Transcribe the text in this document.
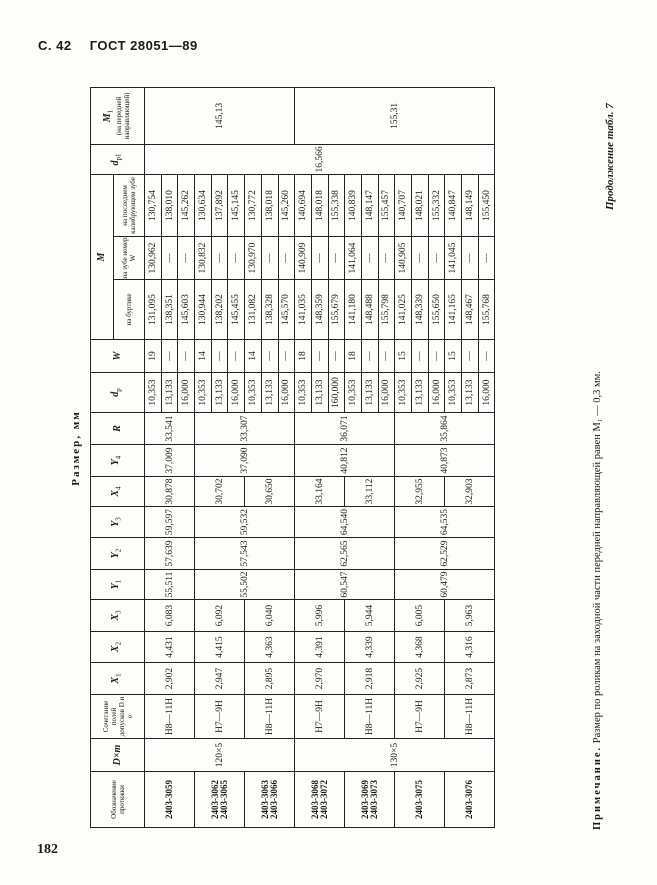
С. 42 ГОСТ 28051—89
182
Размер, мм
Обозначение протяжки	D×m	Сочетание полей допусков D и e	$X_1$	$X_2$	$X_3$	$Y_1$	$Y_2$	$Y_3$	$X_4$	$Y_4$	R	$d_p$	W	M			$d_{p1}$	$M_1$
(на передней направляющей)
														на буртике	на зубе номер W	на последнем калибрующем зубе		
2403-3059	120×5	H8—11H	2,902	4,431	6,083	55,511	57,639	59,597	30,878	37,009	33,541	10,353	19	131,095	130,962	130,754	16,566	145,13
												13,133	—	138,351	—	138,010		
												16,000	—	145,603	—	145,262		
2403-3062
2403-3065		H7—9H	2,947	4,415	6,092	55,502	57,543	59,532	30,702	37,090	33,307	10,353	14	130,944	130,832	130,634		
												13,133	—	138,202	—	137,892		
												16,000	—	145,455	—	145,145		
2403-3063
2403-3066		H8—11H	2,895	4,363	6,040				30,650			10,353	14	131,082	130,970	130,772		
												13,133	—	138,328	—	138,018		
												16,000	—	145,570	—	145,260		
2403-3068
2403-3072	130×5	H7—9H	2,970	4,391	5,996	60,547	62,565	64,540	33,164	40,812	36,071	10,353	18	141,035	140,909	140,694		155,31
												13,133	—	148,359	—	148,018		
												160,000	—	155,679	—	155,338		
2403-3069
2403-3073		H8—11H	2,918	4,339	5,944				33,112			10,353	18	141,180	141,064	140,839		
												13,133	—	148,488	—	148,147		
												16,000	—	155,798	—	155,457		
2403-3075		H7—9H	2,925	4,368	6,005	60,479	62,529	64,535	32,955	40,873	35,864	10,353	15	141,025	140,905	140,707		
												13,133	—	148,339	—	148,021		
												16,000	—	155,650	—	155,332		
2403-3076		H8—11H	2,873	4,316	5,963				32,903			10,353	15	141,165	141,045	140,847		
												13,133	—	148,467	—	148,149		
												16,000	—	155,768	—	155,450		
Примечание. Размер по роликам на заходной части передней направляющей равен M₁ — 0,3 мм.
Продолжение табл. 7
